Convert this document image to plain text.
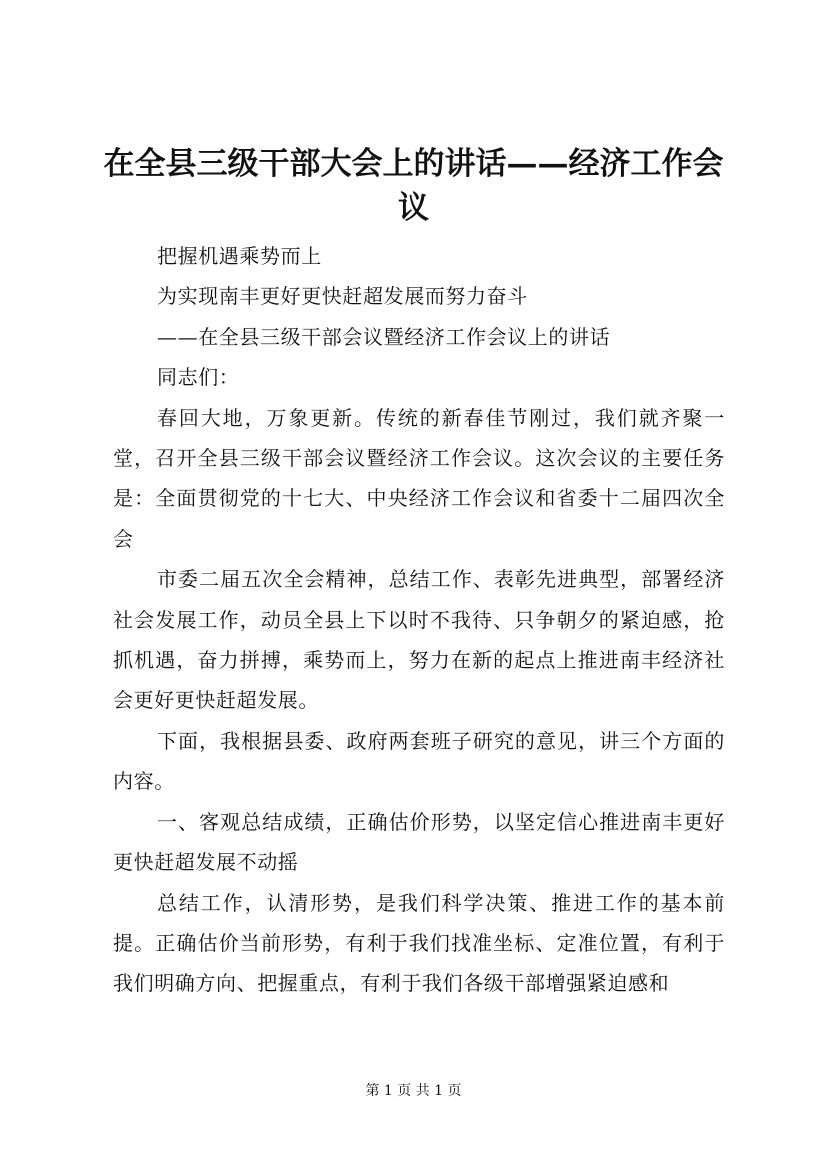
在全县三级干部大会上的讲话——经济工作会议

把握机遇乘势而上

为实现南丰更好更快赶超发展而努力奋斗

——在全县三级干部会议暨经济工作会议上的讲话

同志们：

春回大地，万象更新。传统的新春佳节刚过，我们就齐聚一堂，召开全县三级干部会议暨经济工作会议。这次会议的主要任务是：全面贯彻党的十七大、中央经济工作会议和省委十二届四次全会

市委二届五次全会精神，总结工作、表彰先进典型，部署经济社会发展工作，动员全县上下以时不我待、只争朝夕的紧迫感，抢抓机遇，奋力拼搏，乘势而上，努力在新的起点上推进南丰经济社会更好更快赶超发展。

下面，我根据县委、政府两套班子研究的意见，讲三个方面的内容。

一、客观总结成绩，正确估价形势，以坚定信心推进南丰更好更快赶超发展不动摇

总结工作，认清形势，是我们科学决策、推进工作的基本前提。正确估价当前形势，有利于我们找准坐标、定准位置，有利于我们明确方向、把握重点，有利于我们各级干部增强紧迫感和

第 1 页 共 1 页
